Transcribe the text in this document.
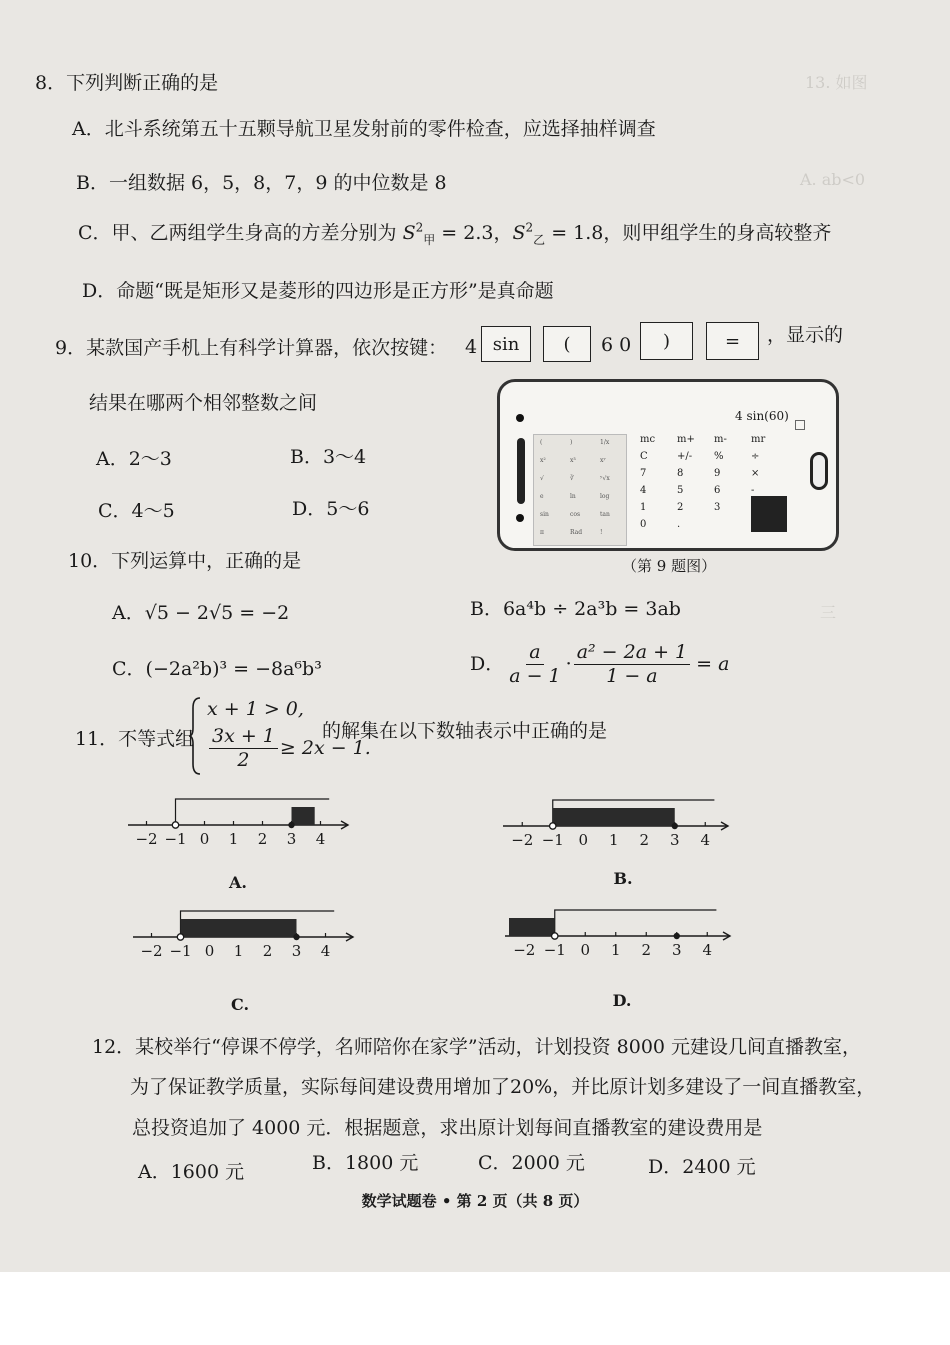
13. 如图
A. ab<0
三
8．下列判断正确的是
A．北斗系统第五十五颗导航卫星发射前的零件检查，应选择抽样调查
B．一组数据 6，5，8，7，9 的中位数是 8
C．甲、乙两组学生身高的方差分别为 $S^2_甲 = 2.3$，$S^2_乙 = 1.8$，则甲组学生的身高较整齐
D．命题“既是矩形又是菱形的四边形是正方形”是真命题
9．某款国产手机上有科学计算器，依次按键： 4 sin	(	6 0	)	=	，显示的
结果在哪两个相邻整数之间
A．2～3	B．3～4
C．4～5	D．5～6
4 sin(60)
(	)	1/x
x²	x³	xʸ
√	∛	ʸ√x
e	ln	log
sin	cos	tan
π	Rad	!
mc m+ m- mr
C	+/- %	÷
7	8	9	×
4	5	6	-
1	2	3
0	.
（第 9 题图）
10．下列运算中，正确的是
A．√5 − 2√5 = −2	B．6a⁴b ÷ 2a³b = 3ab
C．(−2a²b)³ = −8a⁶b³	D． $\frac{a}{a - 1} \cdot \frac{\text{a² − 2a + 1}}{1 - a} = a$
11．不等式组
x + 1 > 0,
$\frac{3x + 1}{2} \ge 2x - 1$.
的解集在以下数轴表示中正确的是
−2 −1 0 1 2 3 4
A.
−2 −1 0 1 2 3 4
B.
−2 −1 0 1 2 3 4
C.
−2 −1 0 1 2 3 4
D.
12．某校举行“停课不停学，名师陪你在家学”活动，计划投资 8000 元建设几间直播教室，
为了保证教学质量，实际每间建设费用增加了20%，并比原计划多建设了一间直播教室，
总投资追加了 4000 元．根据题意，求出原计划每间直播教室的建设费用是
A．1600 元	B．1800 元	C．2000 元	D．2400 元
数学试题卷 • 第 2 页（共 8 页）
